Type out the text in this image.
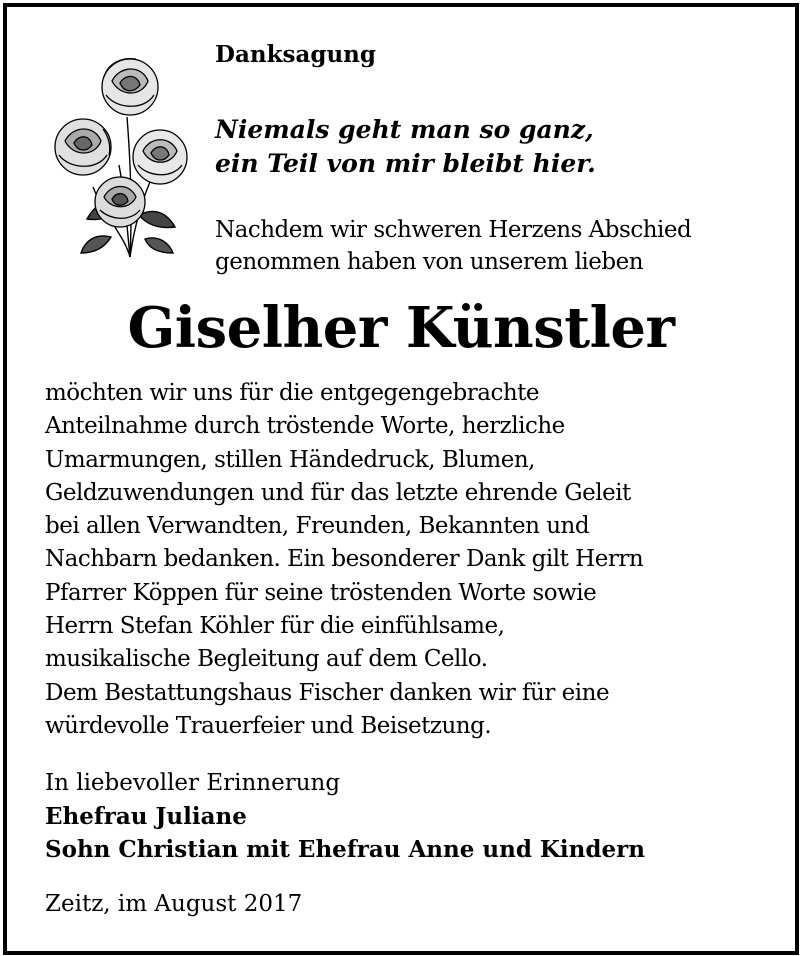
Danksagung
Niemals geht man so ganz,
ein Teil von mir bleibt hier.
Nachdem wir schweren Herzens Abschied
genommen haben von unserem lieben
Giselher Künstler
möchten wir uns für die entgegengebrachte
Anteilnahme durch tröstende Worte, herzliche
Umarmungen, stillen Händedruck, Blumen,
Geldzuwendungen und für das letzte ehrende Geleit
bei allen Verwandten, Freunden, Bekannten und
Nachbarn bedanken. Ein besonderer Dank gilt Herrn
Pfarrer Köppen für seine tröstenden Worte sowie
Herrn Stefan Köhler für die einfühlsame,
musikalische Begleitung auf dem Cello.
Dem Bestattungshaus Fischer danken wir für eine
würdevolle Trauerfeier und Beisetzung.
In liebevoller Erinnerung
Ehefrau Juliane
Sohn Christian mit Ehefrau Anne und Kindern
Zeitz, im August 2017
